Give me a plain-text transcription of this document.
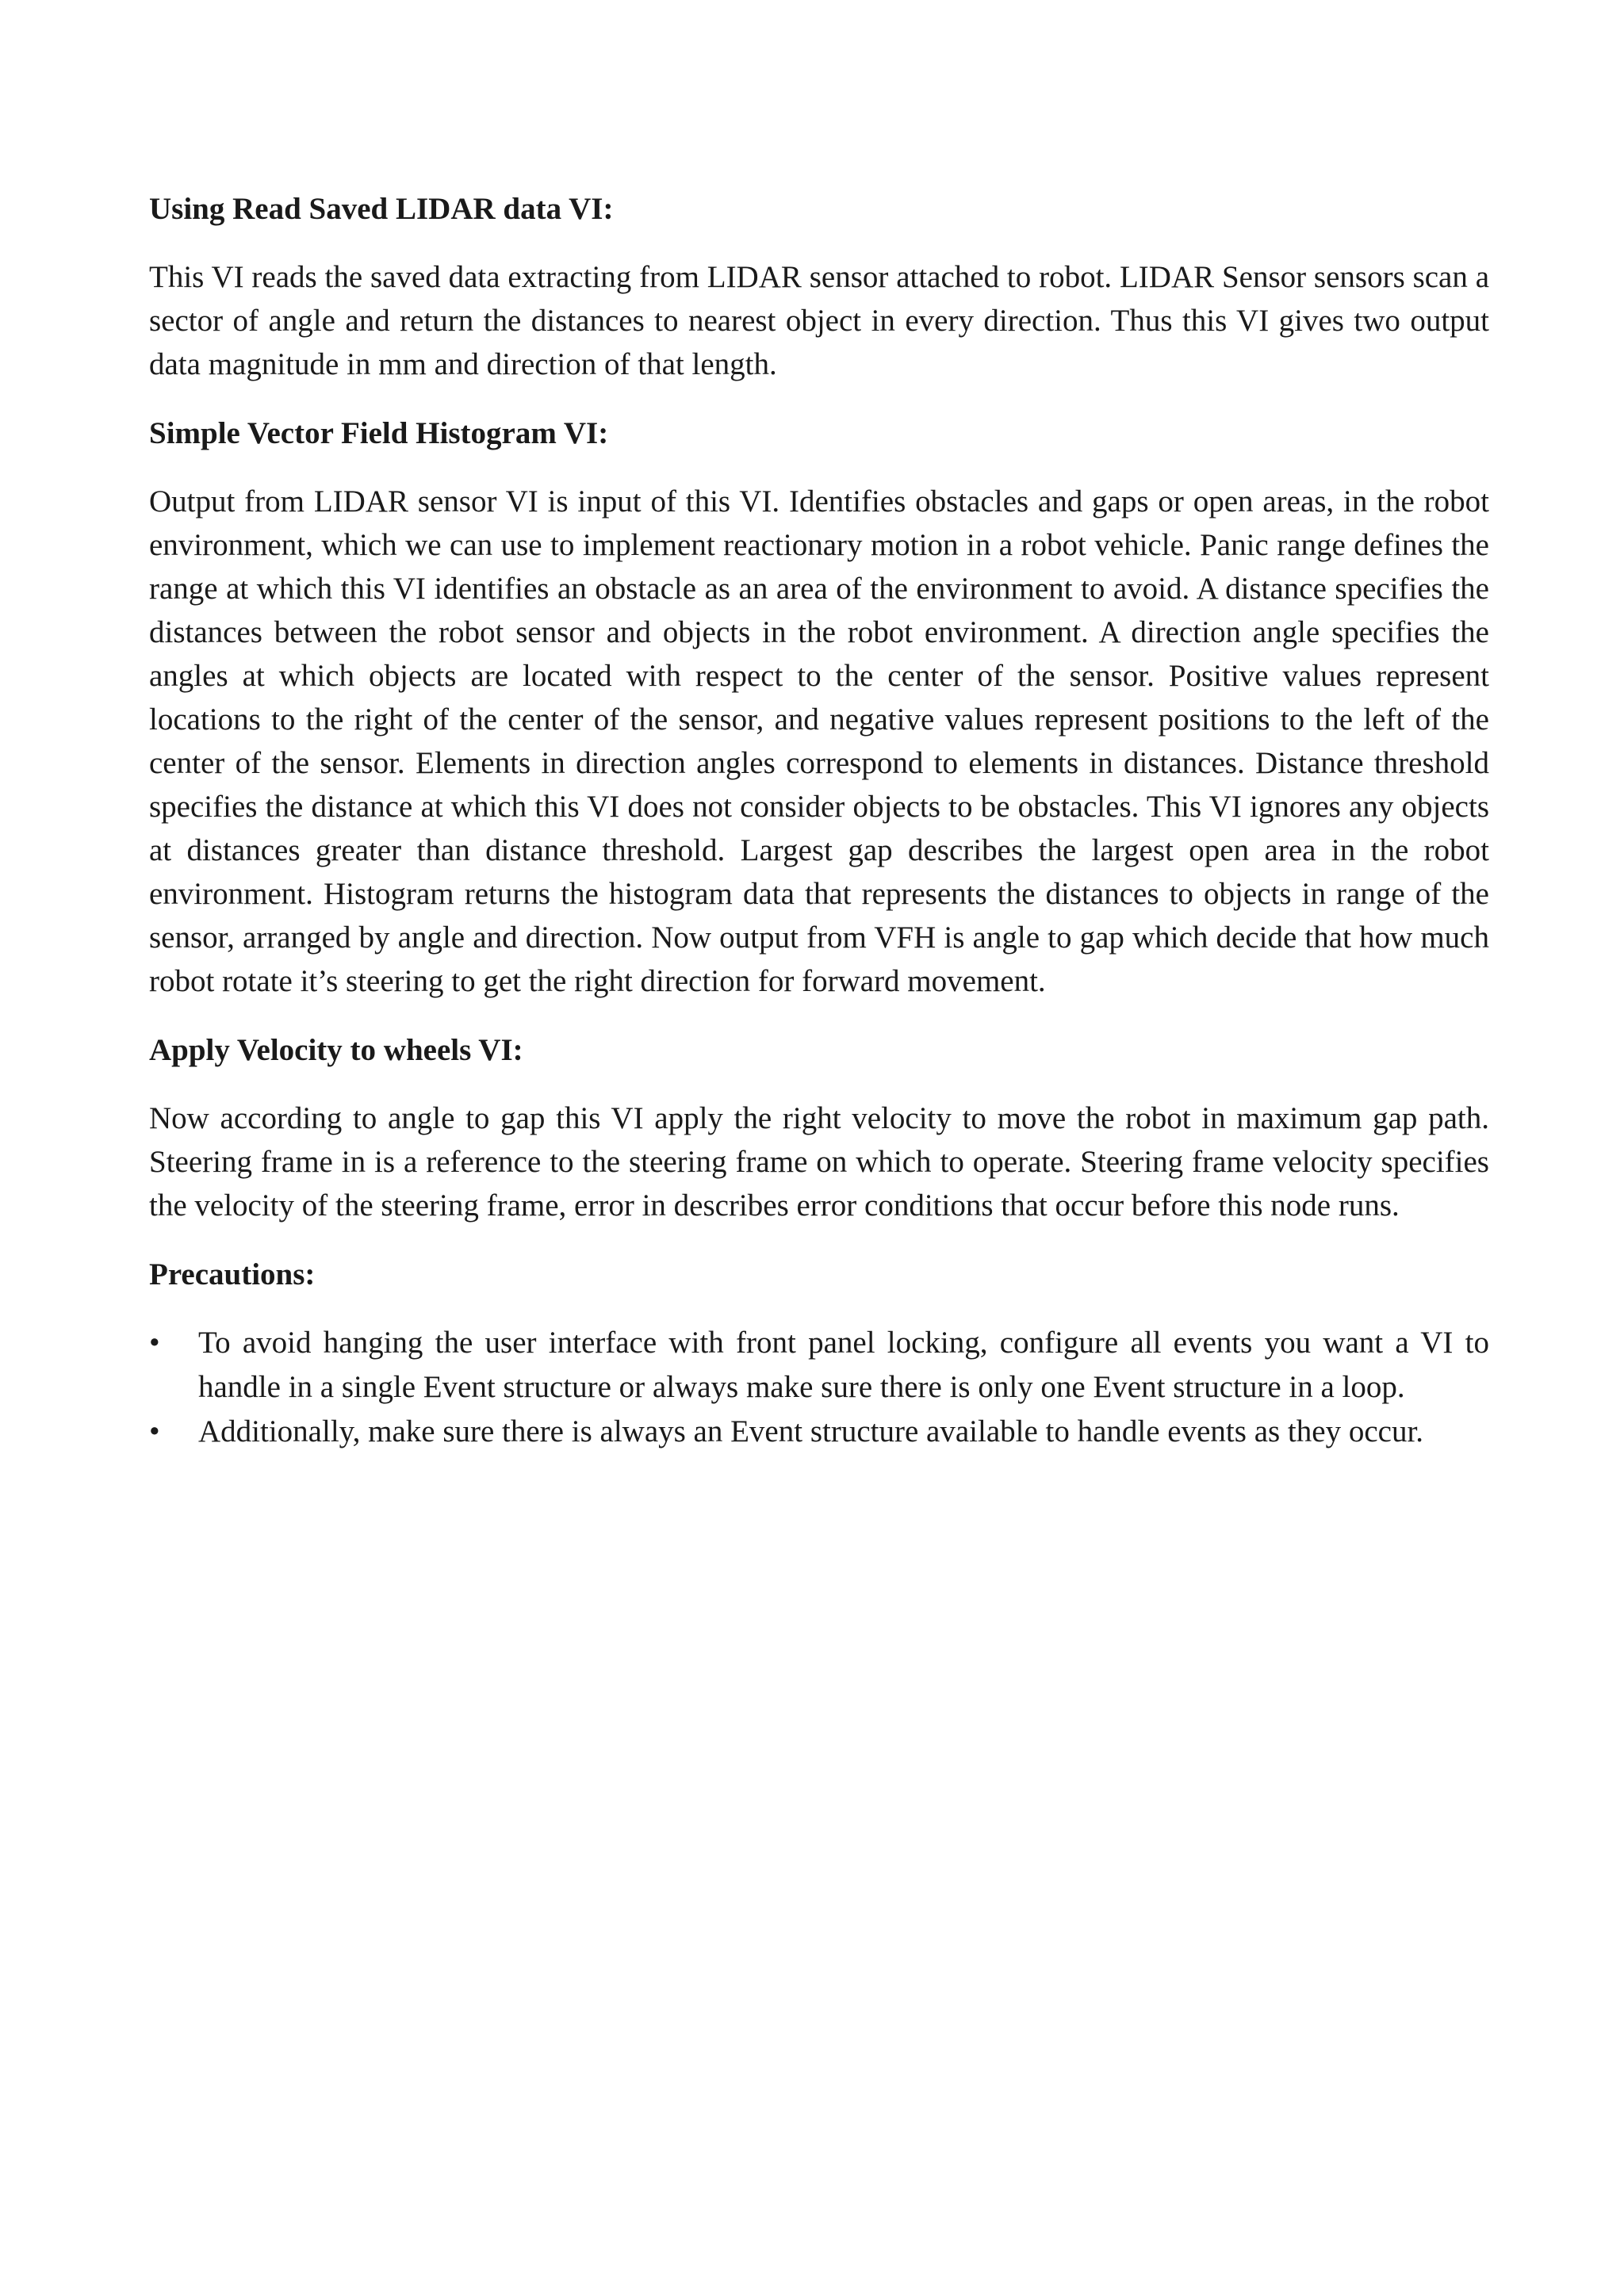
Using Read Saved LIDAR data VI:

This VI reads the saved data extracting from LIDAR sensor attached to robot. LIDAR Sensor sensors scan a sector of angle and return the distances to nearest object in every direction. Thus this VI gives two output data magnitude in mm and direction of that length.

Simple Vector Field Histogram VI:

Output from LIDAR sensor VI is input of this VI. Identifies obstacles and gaps or open areas, in the robot environment, which we can use to implement reactionary motion in a robot vehicle. Panic range defines the range at which this VI identifies an obstacle as an area of the environment to avoid. A distance specifies the distances between the robot sensor and objects in the robot environment. A direction angle specifies the angles at which objects are located with respect to the center of the sensor. Positive values represent locations to the right of the center of the sensor, and negative values represent positions to the left of the center of the sensor. Elements in direction angles correspond to elements in distances. Distance threshold specifies the distance at which this VI does not consider objects to be obstacles. This VI ignores any objects at distances greater than distance threshold. Largest gap describes the largest open area in the robot environment. Histogram returns the histogram data that represents the distances to objects in range of the sensor, arranged by angle and direction. Now output from VFH is angle to gap which decide that how much robot rotate it’s steering to get the right direction for forward movement.

Apply Velocity to wheels VI:

Now according to angle to gap this VI apply the right velocity to move the robot in maximum gap path. Steering frame in is a reference to the steering frame on which to operate. Steering frame velocity specifies the velocity of the steering frame, error in describes error conditions that occur before this node runs.

Precautions:
•	To avoid hanging the user interface with front panel locking, configure all events you want a VI to handle in a single Event structure or always make sure there is only one Event structure in a loop.
•	Additionally, make sure there is always an Event structure available to handle events as they occur.
